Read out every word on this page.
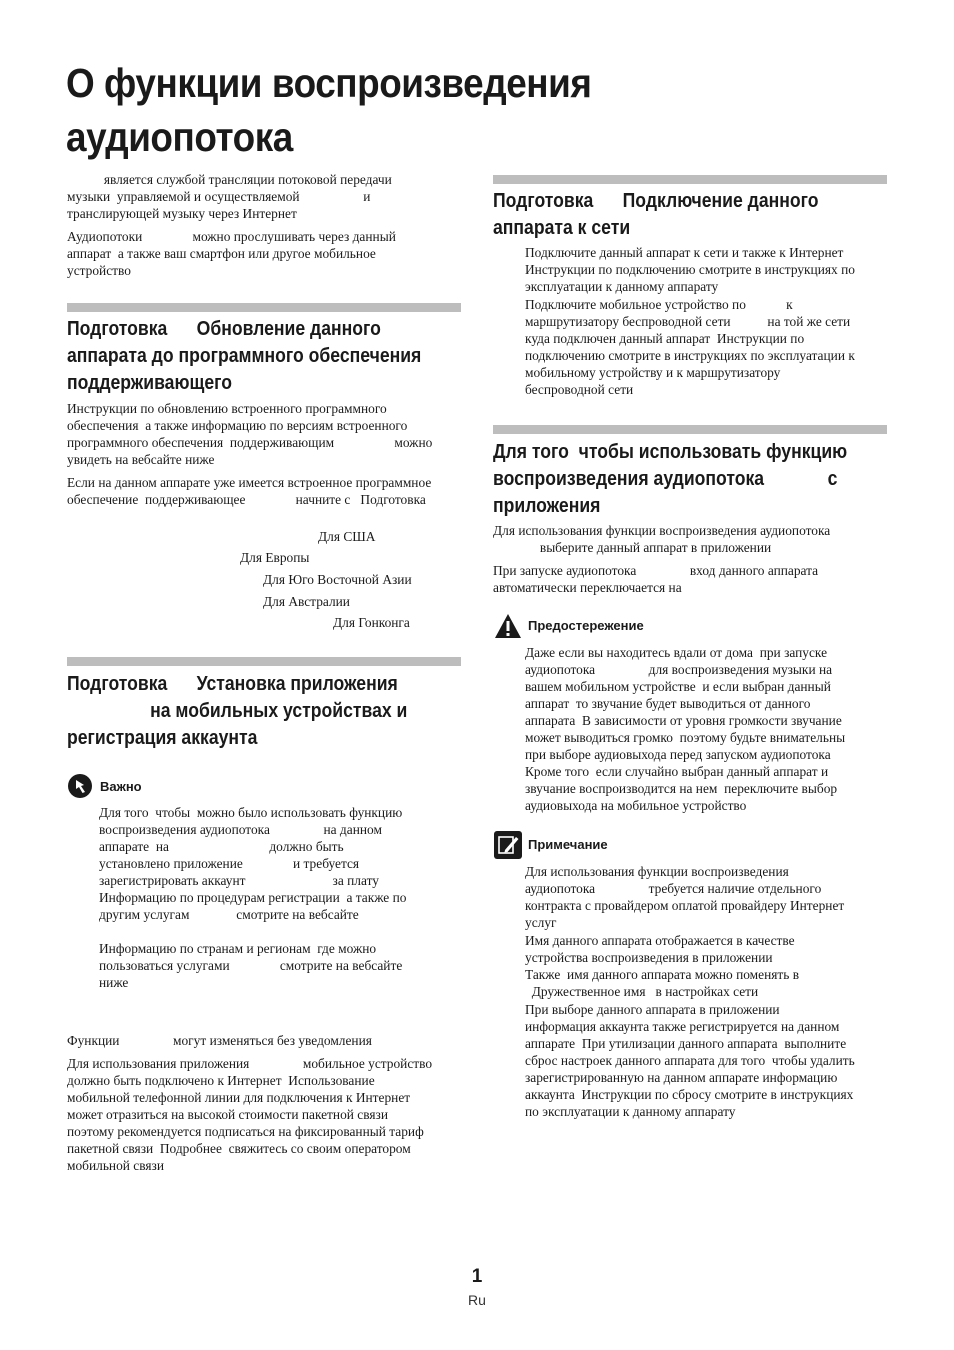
О функции воспроизведения
аудиопотока

является службой трансляции потоковой передачи
музыки  управляемой и осуществляемой                   и
транслирующей музыку через Интернет

Аудиопотоки               можно прослушивать через данный
аппарат  а также ваш смартфон или другое мобильное
устройство

Подготовка      Обновление данного
аппарата до программного обеспечения
поддерживающего

Инструкции по обновлению встроенного программного
обеспечения  а также информацию по версиям встроенного
программного обеспечения  поддерживающим                  можно
увидеть на вебсайте ниже

Если на данном аппарате уже имеется встроенное программное
обеспечение  поддерживающее               начните с   Подготовка

Для США
Для Европы
Для Юго Восточной Азии
Для Австралии
Для Гонконга
Подготовка      Установка приложения
на мобильных устройствах и
регистрация аккаунта
Важно

Для того  чтобы  можно было использовать функцию
воспроизведения аудиопотока                на данном
аппарате  на                              должно быть
установлено приложение               и требуется
зарегистрировать аккаунт                          за плату
Информацию по процедурам регистрации  а также по
другим услугам              смотрите на вебсайте

Информацию по странам и регионам  где можно
пользоваться услугами               смотрите на вебсайте
ниже

Функции                могут изменяться без уведомления

Для использования приложения                мобильное устройство
должно быть подключено к Интернет  Использование
мобильной телефонной линии для подключения к Интернет
может отразиться на высокой стоимости пакетной связи
поэтому рекомендуется подписаться на фиксированный тариф
пакетной связи  Подробнее  свяжитесь со своим оператором
мобильной связи

Подготовка      Подключение данного
аппарата к сети

Подключите данный аппарат к сети и также к Интернет
Инструкции по подключению смотрите в инструкциях по
эксплуатации к данному аппарату

Подключите мобильное устройство по            к
маршрутизатору беспроводной сети           на той же сети
куда подключен данный аппарат  Инструкции по
подключению смотрите в инструкциях по эксплуатации к
мобильному устройству и к маршрутизатору
беспроводной сети

Для того  чтобы использовать функцию
воспроизведения аудиопотока             с
приложения

Для использования функции воспроизведения аудиопотока
выберите данный аппарат в приложении

При запуске аудиопотока                вход данного аппарата
автоматически переключается на

Предостережение

Даже если вы находитесь вдали от дома  при запуске
аудиопотока                для воспроизведения музыки на
вашем мобильном устройстве  и если выбран данный
аппарат  то звучание будет выводиться от данного
аппарата  В зависимости от уровня громкости звучание
может выводиться громко  поэтому будьте внимательны
при выборе аудиовыхода перед запуском аудиопотока
Кроме того  если случайно выбран данный аппарат и
звучание воспроизводится на нем  переключите выбор
аудиовыхода на мобильное устройство

Примечание

Для использования функции воспроизведения
аудиопотока                требуется наличие отдельного
контракта с провайдером оплатой провайдеру Интернет
услуг

Имя данного аппарата отображается в качестве
устройства воспроизведения в приложении
Также  имя данного аппарата можно поменять в
Дружественное имя   в настройках сети

При выборе данного аппарата в приложении
информация аккаунта также регистрируется на данном
аппарате  При утилизации данного аппарата  выполните
сброс настроек данного аппарата для того  чтобы удалить
зарегистрированную на данном аппарате информацию
аккаунта  Инструкции по сбросу смотрите в инструкциях
по эксплуатации к данному аппарату

1
Ru
